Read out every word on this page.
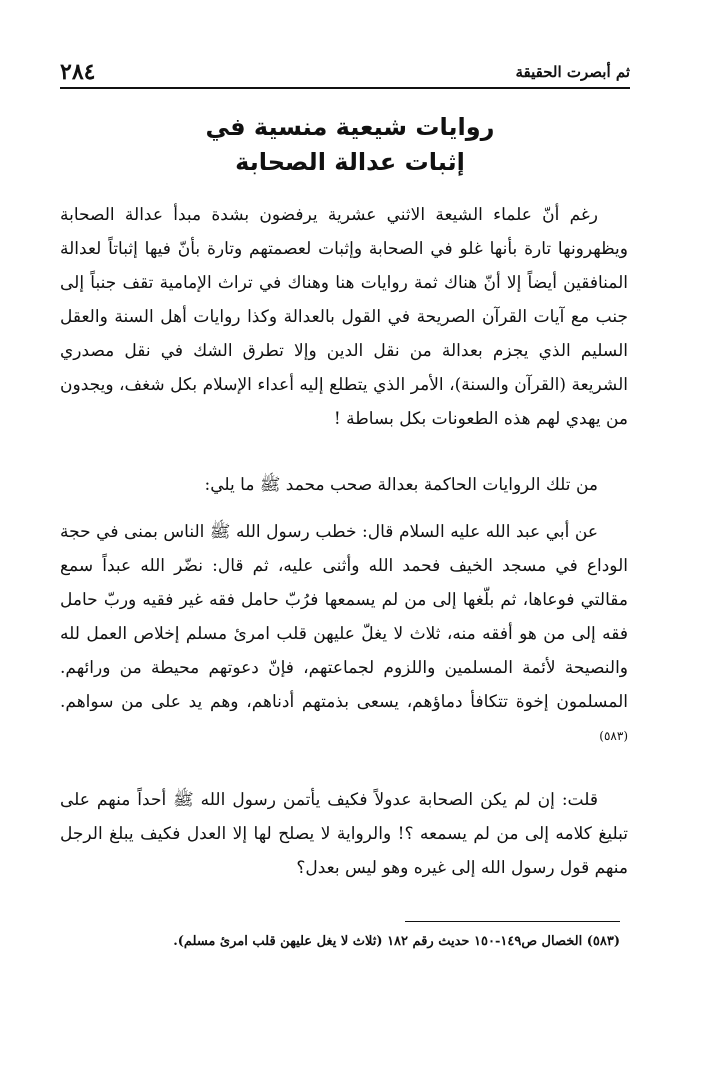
٢٨٤	ثم أبصرت الحقيقة
روايات شيعية منسية في
إثبات عدالة الصحابة
رغم أنّ علماء الشيعة الاثني عشرية يرفضون بشدة مبدأ عدالة الصحابة ويظهرونها تارة بأنها غلو في الصحابة وإثبات لعصمتهم وتارة بأنّ فيها إثباتاً لعدالة المنافقين أيضاً إلا أنّ هناك ثمة روايات هنا وهناك في تراث الإمامية تقف جنباً إلى جنب مع آيات القرآن الصريحة في القول بالعدالة وكذا روايات أهل السنة والعقل السليم الذي يجزم بعدالة من نقل الدين وإلا تطرق الشك في نقل مصدري الشريعة (القرآن والسنة)، الأمر الذي يتطلع إليه أعداء الإسلام بكل شغف، ويجدون من يهدي لهم هذه الطعونات بكل بساطة !
من تلك الروايات الحاكمة بعدالة صحب محمد ﷺ ما يلي:
عن أبي عبد الله عليه السلام قال: خطب رسول الله ﷺ الناس بمنى في حجة الوداع في مسجد الخيف فحمد الله وأثنى عليه، ثم قال: نضّر الله عبداً سمع مقالتي فوعاها، ثم بلّغها إلى من لم يسمعها فرُبّ حامل فقه غير فقيه وربّ حامل فقه إلى من هو أفقه منه، ثلاث لا يغلّ عليهن قلب امرئ مسلم إخلاص العمل لله والنصيحة لأئمة المسلمين واللزوم لجماعتهم، فإنّ دعوتهم محيطة من ورائهم. المسلمون إخوة تتكافأ دماؤهم، يسعى بذمتهم أدناهم، وهم يد على من سواهم.$^{(٥٨٣)}$
قلت: إن لم يكن الصحابة عدولاً فكيف يأتمن رسول الله ﷺ أحداً منهم على تبليغ كلامه إلى من لم يسمعه ؟! والرواية لا يصلح لها إلا العدل فكيف يبلغ الرجل منهم قول رسول الله إلى غيره وهو ليس بعدل؟
(٥٨٣) الخصال ص١٤٩-١٥٠ حديث رقم ١٨٢ (ثلاث لا يغل عليهن قلب امرئ مسلم).
